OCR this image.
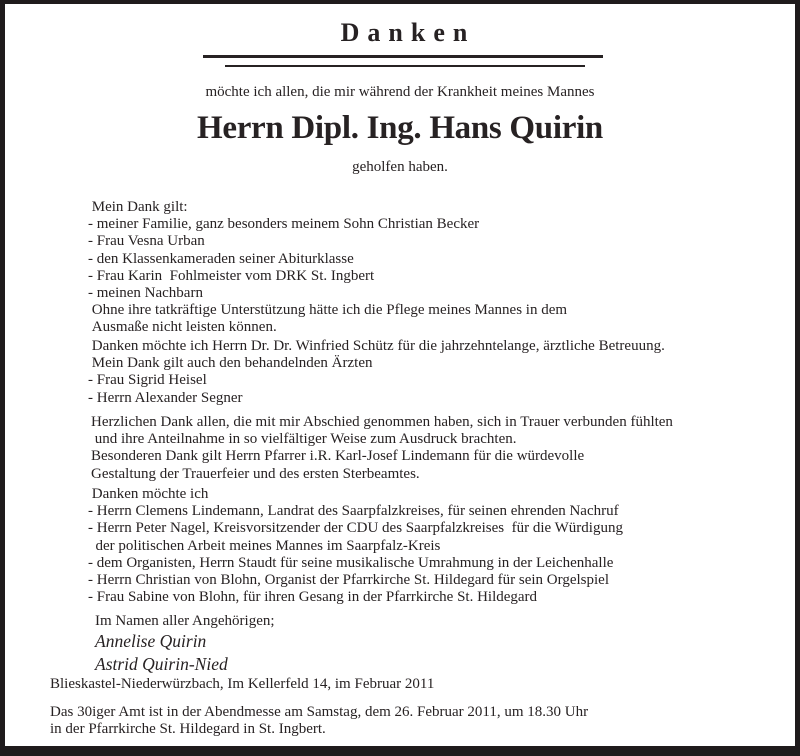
Danken
möchte ich allen, die mir während der Krankheit meines Mannes
Herrn Dipl. Ing. Hans Quirin
geholfen haben.
Mein Dank gilt:
- meiner Familie, ganz besonders meinem Sohn Christian Becker
- Frau Vesna Urban
- den Klassenkameraden seiner Abiturklasse
- Frau Karin  Fohlmeister vom DRK St. Ingbert
- meinen Nachbarn
Ohne ihre tatkräftige Unterstützung hätte ich die Pflege meines Mannes in dem
Ausmaße nicht leisten können.
Danken möchte ich Herrn Dr. Dr. Winfried Schütz für die jahrzehntelange, ärztliche Betreuung.
Mein Dank gilt auch den behandelnden Ärzten
- Frau Sigrid Heisel
- Herrn Alexander Segner
Herzlichen Dank allen, die mit mir Abschied genommen haben, sich in Trauer verbunden fühlten
und ihre Anteilnahme in so vielfältiger Weise zum Ausdruck brachten.
Besonderen Dank gilt Herrn Pfarrer i.R. Karl-Josef Lindemann für die würdevolle
Gestaltung der Trauerfeier und des ersten Sterbeamtes.
Danken möchte ich
- Herrn Clemens Lindemann, Landrat des Saarpfalzkreises, für seinen ehrenden Nachruf
- Herrn Peter Nagel, Kreisvorsitzender der CDU des Saarpfalzkreises  für die Würdigung
der politischen Arbeit meines Mannes im Saarpfalz-Kreis
- dem Organisten, Herrn Staudt für seine musikalische Umrahmung in der Leichenhalle
- Herrn Christian von Blohn, Organist der Pfarrkirche St. Hildegard für sein Orgelspiel
- Frau Sabine von Blohn, für ihren Gesang in der Pfarrkirche St. Hildegard
Im Namen aller Angehörigen;
Annelise Quirin
Astrid Quirin-Nied
Blieskastel-Niederwürzbach, Im Kellerfeld 14, im Februar 2011
Das 30iger Amt ist in der Abendmesse am Samstag, dem 26. Februar 2011, um 18.30 Uhr
in der Pfarrkirche St. Hildegard in St. Ingbert.
